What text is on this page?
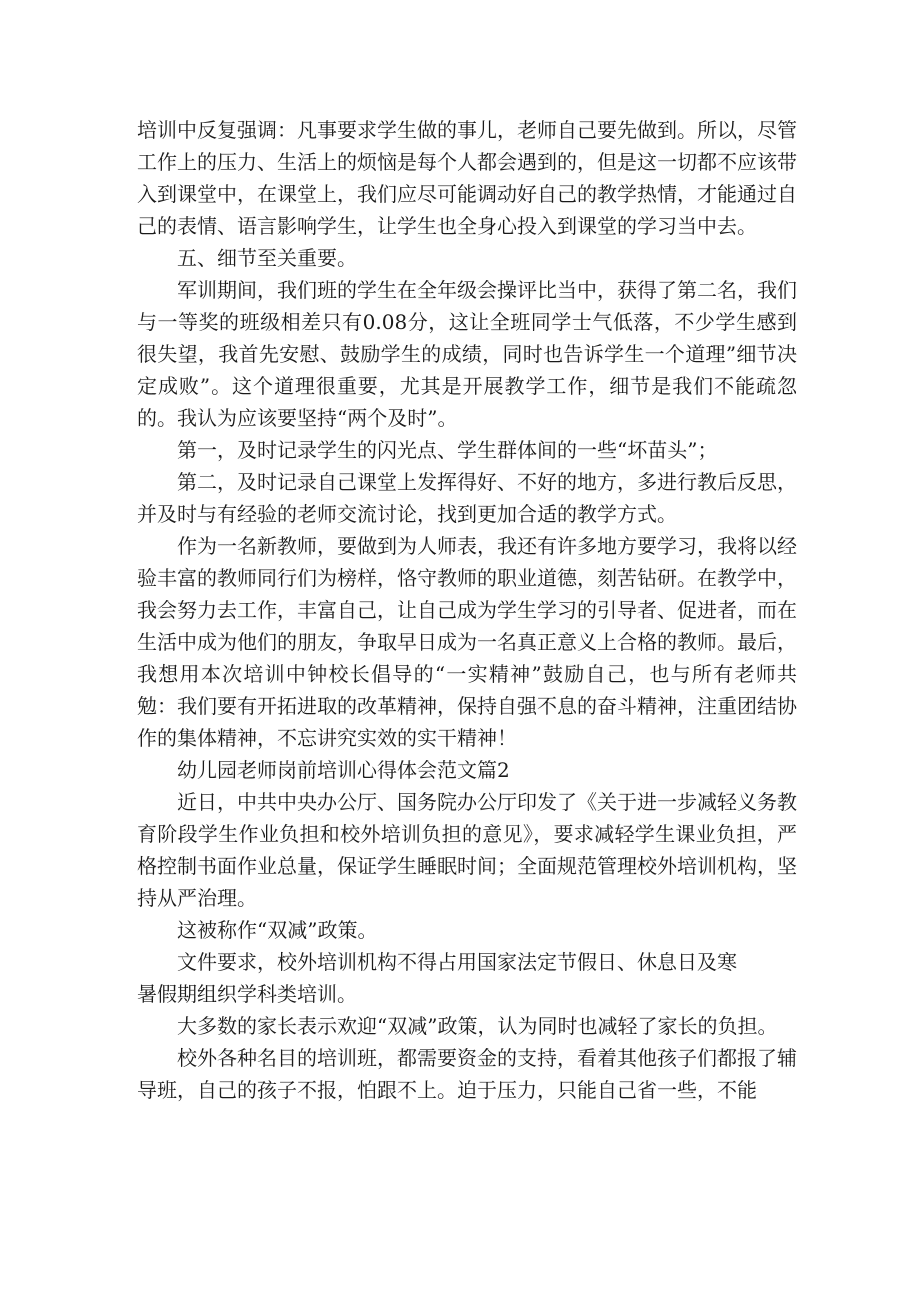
培训中反复强调：凡事要求学生做的事儿，老师自己要先做到。所以，尽管工作上的压力、生活上的烦恼是每个人都会遇到的，但是这一切都不应该带入到课堂中，在课堂上，我们应尽可能调动好自己的教学热情，才能通过自己的表情、语言影响学生，让学生也全身心投入到课堂的学习当中去。

五、细节至关重要。

军训期间，我们班的学生在全年级会操评比当中，获得了第二名，我们与一等奖的班级相差只有0.08分，这让全班同学士气低落，不少学生感到很失望，我首先安慰、鼓励学生的成绩，同时也告诉学生一个道理”细节决定成败”。这个道理很重要，尤其是开展教学工作，细节是我们不能疏忽的。我认为应该要坚持“两个及时”。

第一，及时记录学生的闪光点、学生群体间的一些“坏苗头”；

第二，及时记录自己课堂上发挥得好、不好的地方，多进行教后反思，并及时与有经验的老师交流讨论，找到更加合适的教学方式。

作为一名新教师，要做到为人师表，我还有许多地方要学习，我将以经验丰富的教师同行们为榜样，恪守教师的职业道德，刻苦钻研。在教学中，我会努力去工作，丰富自己，让自己成为学生学习的引导者、促进者，而在生活中成为他们的朋友，争取早日成为一名真正意义上合格的教师。最后，我想用本次培训中钟校长倡导的“一实精神”鼓励自己，也与所有老师共勉：我们要有开拓进取的改革精神，保持自强不息的奋斗精神，注重团结协作的集体精神，不忘讲究实效的实干精神！

幼儿园老师岗前培训心得体会范文篇2

近日，中共中央办公厅、国务院办公厅印发了《关于进一步减轻义务教育阶段学生作业负担和校外培训负担的意见》，要求减轻学生课业负担，严格控制书面作业总量，保证学生睡眠时间；全面规范管理校外培训机构，坚持从严治理。

这被称作“双减”政策。

文件要求，校外培训机构不得占用国家法定节假日、休息日及寒

暑假期组织学科类培训。

大多数的家长表示欢迎“双减”政策，认为同时也减轻了家长的负担。

校外各种名目的培训班，都需要资金的支持，看着其他孩子们都报了辅导班，自己的孩子不报，怕跟不上。迫于压力，只能自己省一些，不能
